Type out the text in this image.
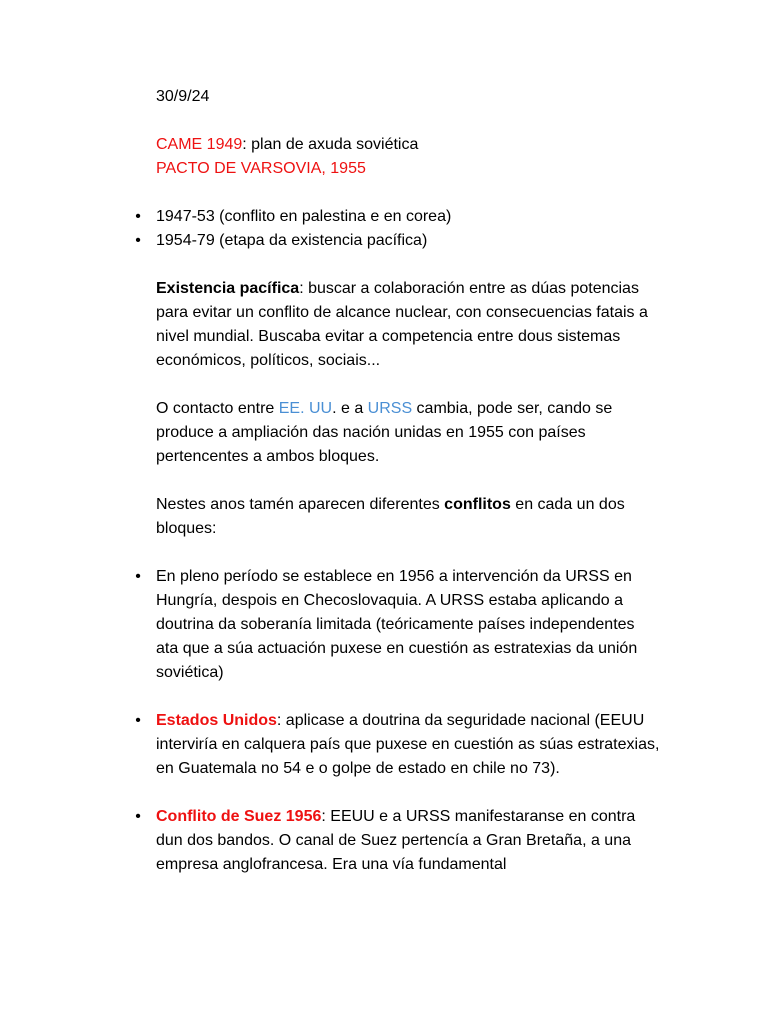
30/9/24

CAME 1949: plan de axuda soviética

PACTO DE VARSOVIA, 1955

• 1947-53 (conflito en palestina e en corea)
• 1954-79 (etapa da existencia pacífica)

Existencia pacífica: buscar a colaboración entre as dúas potencias para evitar un conflito de alcance nuclear, con consecuencias fatais a nivel mundial. Buscaba evitar a competencia entre dous sistemas económicos, políticos, sociais...

O contacto entre EE. UU. e a URSS cambia, pode ser, cando se produce a ampliación das nación unidas en 1955 con países pertencentes a ambos bloques.

Nestes anos tamén aparecen diferentes conflitos en cada un dos bloques:

• En pleno período se establece en 1956 a intervención da URSS en Hungría, despois en Checoslovaquia. A URSS estaba aplicando a doutrina da soberanía limitada (teóricamente países independentes ata que a súa actuación puxese en cuestión as estratexias da unión soviética)
• Estados Unidos: aplicase a doutrina da seguridade nacional (EEUU interviría en calquera país que puxese en cuestión as súas estratexias, en Guatemala no 54 e o golpe de estado en chile no 73).
• Conflito de Suez 1956: EEUU e a URSS manifestaranse en contra dun dos bandos. O canal de Suez pertencía a Gran Bretaña, a una empresa anglofrancesa. Era una vía fundamental
